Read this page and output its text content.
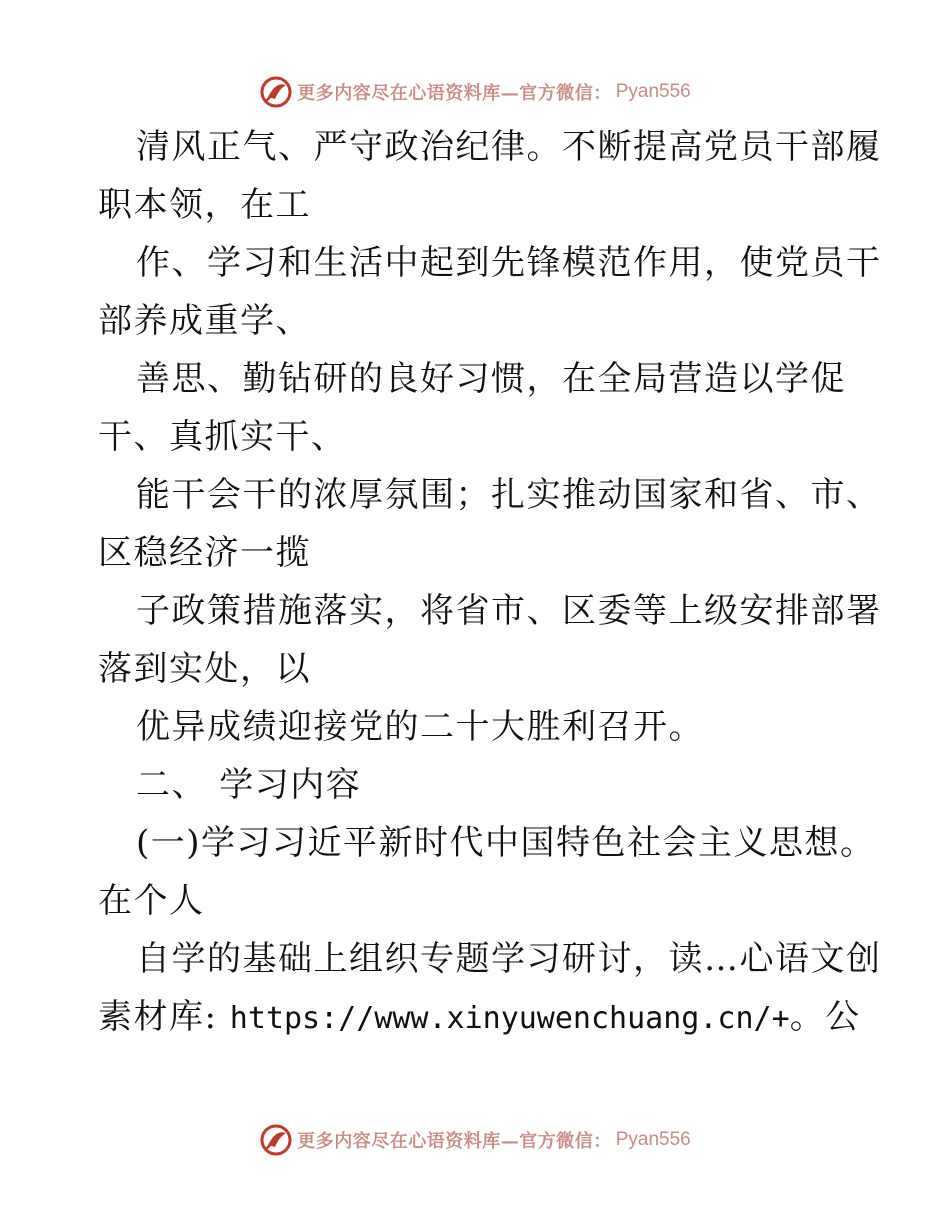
更多内容尽在心语资料库—官方微信： Pyan556
清风正气、严守政治纪律。不断提高党员干部履
职本领，在工
作、学习和生活中起到先锋模范作用，使党员干
部养成重学、
善思、勤钻研的良好习惯，在全局营造以学促
干、真抓实干、
能干会干的浓厚氛围；扎实推动国家和省、市、
区稳经济一揽
子政策措施落实，将省市、区委等上级安排部署
落到实处，以
优异成绩迎接党的二十大胜利召开。
二、 学习内容
(一)学习习近平新时代中国特色社会主义思想。
在个人
自学的基础上组织专题学习研讨，读…心语文创
素材库: https://www.xinyuwenchuang.cn/+。公
更多内容尽在心语资料库—官方微信： Pyan556
